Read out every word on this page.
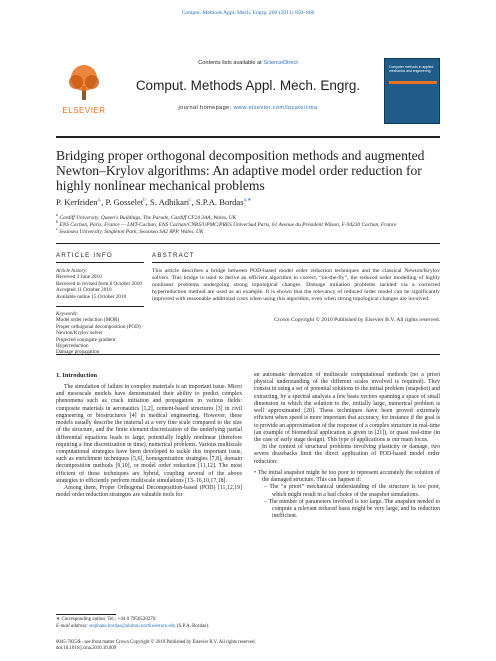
Comput. Methods Appl. Mech. Engrg. 200 (2011) 850–866
ELSEVIER
Contents lists available at ScienceDirect
Comput. Methods Appl. Mech. Engrg.
journal homepage: www.elsevier.com/locate/cma
Computer methods in applied mechanics and engineering
Bridging proper orthogonal decomposition methods and augmented Newton–Krylov algorithms: An adaptive model order reduction for highly nonlinear mechanical problems
P. Kerfriden$^{a,}$, P. Gosselet$^b$, S. Adhikari$^c$, S.P.A. Bordas$^{a,∗}$
$^a$ Cardiff University, Queen's Buildings, The Parade, Cardiff CF24 3AA, Wales, UK
$^b$ ENS Cachan, Paris, France — LMT-Cachan, ENS Cachan/CNRS/UPMC/PRES UniverSud Paris, 61 Avenue du Président Wilson, F-94230 Cachan, France
$^c$ Swansea University, Singleton Park, Swansea SA2 8PP, Wales, UK
ARTICLE INFO	ABSTRACT
Article history:
Received 3 June 2010
Received in revised form 6 October 2010
Accepted 11 October 2010
Available online 15 October 2010
Keywords:
Model order reduction (MOR)
Proper orthogonal decomposition (POD)
Newton/Krylov solver
Projected conjugate gradient
Hyperreduction
Damage propagation
This article describes a bridge between POD-based model order reduction techniques and the classical Newton/Krylov solvers. This bridge is used to derive an efficient algorithm to correct, “on-the-fly”, the reduced order modelling of highly nonlinear problems undergoing strong topological changes. Damage initiation problems tackled via a corrected hyperreduction method are used as an example. It is shown that the relevancy of reduced order model can be significantly improved with reasonable additional costs when using this algorithm, even when strong topological changes are involved.
Crown Copyright © 2010 Published by Elsevier B.V. All rights reserved.
1. Introduction

The simulation of failure in complex materials is an important issue. Micro and mesoscale models have demonstrated their ability to predict complex phenomena such as crack initiation and propagation in various fields: composite materials in aeronautics [1,2], cement-based structures [3] in civil engineering or biostructures [4] in medical engineering. However, these models usually describe the material at a very fine scale compared to the size of the structure, and the finite element discretization of the underlying partial differential equations leads to large, potentially highly nonlinear (therefore requiring a fine discretization in time), numerical problems. Various multiscale computational strategies have been developed to tackle this important issue, such as enrichment techniques [5,6], homogenization strategies [7,8], domain decomposition methods [9,10], or model order reduction [11,12]. The most efficient of these techniques are hybrid, coupling several of the above strategies to efficiently perform multiscale simulations [13–16,10,17,18].

Among them, Proper Orthogonal Decomposition-based (POD) [11,12,19] model order reduction strategies are valuable tools for

an automatic derivation of multiscale computational methods (no a priori physical understanding of the different scales involved is required). They consist in using a set of potential solutions to the initial problem (snapshot) and extracting, by a spectral analysis a few basis vectors spanning a space of small dimension in which the solution to the, initially large, numerical problem is well approximated [20]. These techniques have been proved extremely efficient when speed is more important that accuracy, for instance if the goal is to provide an approximation of the response of a complex structure in real-time (an example of biomedical application is given in [21]), or quasi real-time (in the case of early stage design). This type of applications is our main focus.

In the context of structural problems involving plasticity or damage, two severe drawbacks limit the direct application of POD-based model order reduction:

• The initial snapshot might be too poor to represent accurately the solution of the damaged structure. This can happen if:
– The “a priori” mechanical understanding of the structure is too poor, which might result in a bad choice of the snapshot simulations.
– The number of parameters involved is too large. The snapshot needed to compute a relevant reduced basis might be very large, and its reduction inefficient.
∗ Corresponding author. Tel.: +44 0 7956520270.
E-mail address: stephane.bordas@alumni.northwestern.edu (S.P.A. Bordas).
0045-7825/$ - see front matter Crown Copyright © 2010 Published by Elsevier B.V. All rights reserved.
doi:10.1016/j.cma.2010.10.009
